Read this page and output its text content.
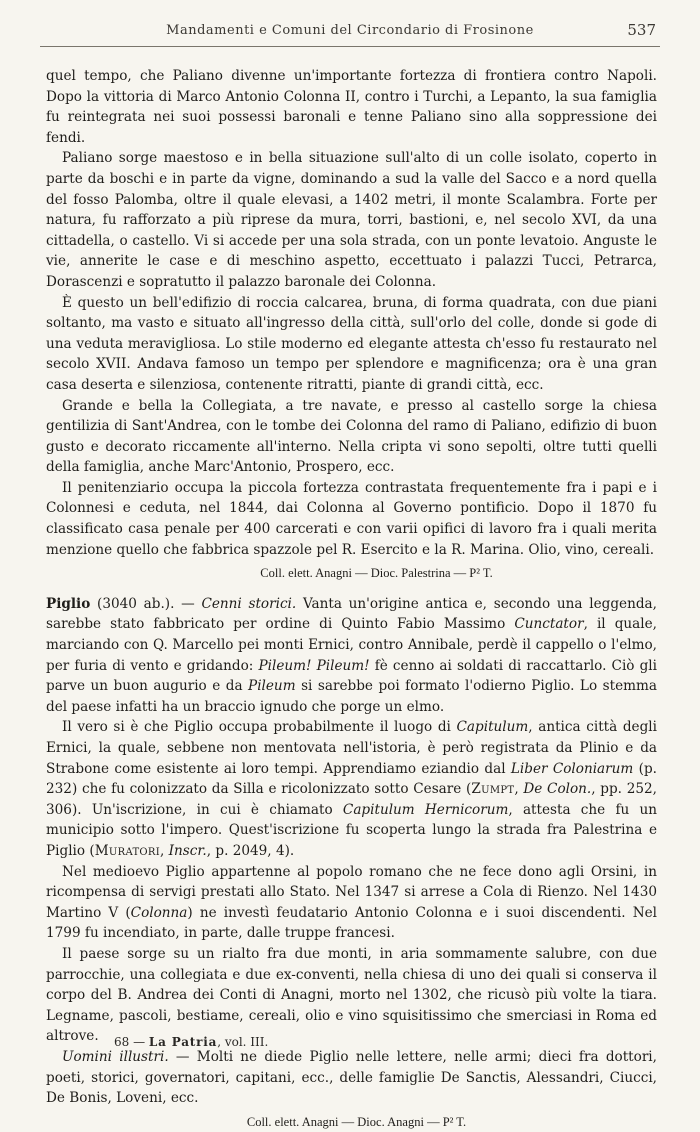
Mandamenti e Comuni del Circondario di Frosinone	537

quel tempo, che Paliano divenne un'importante fortezza di frontiera contro Napoli. Dopo la vittoria di Marco Antonio Colonna II, contro i Turchi, a Lepanto, la sua famiglia fu reintegrata nei suoi possessi baronali e tenne Paliano sino alla soppressione dei fendi.

Paliano sorge maestoso e in bella situazione sull'alto di un colle isolato, coperto in parte da boschi e in parte da vigne, dominando a sud la valle del Sacco e a nord quella del fosso Palomba, oltre il quale elevasi, a 1402 metri, il monte Scalambra. Forte per natura, fu rafforzato a più riprese da mura, torri, bastioni, e, nel secolo XVI, da una cittadella, o castello. Vi si accede per una sola strada, con un ponte levatoio. Anguste le vie, annerite le case e di meschino aspetto, eccettuato i palazzi Tucci, Petrarca, Dorascenzi e sopratutto il palazzo baronale dei Colonna.

È questo un bell'edifizio di roccia calcarea, bruna, di forma quadrata, con due piani soltanto, ma vasto e situato all'ingresso della città, sull'orlo del colle, donde si gode di una veduta meravigliosa. Lo stile moderno ed elegante attesta ch'esso fu restaurato nel secolo XVII. Andava famoso un tempo per splendore e magnificenza; ora è una gran casa deserta e silenziosa, contenente ritratti, piante di grandi città, ecc.

Grande e bella la Collegiata, a tre navate, e presso al castello sorge la chiesa gentilizia di Sant'Andrea, con le tombe dei Colonna del ramo di Paliano, edifizio di buon gusto e decorato riccamente all'interno. Nella cripta vi sono sepolti, oltre tutti quelli della famiglia, anche Marc'Antonio, Prospero, ecc.

Il penitenziario occupa la piccola fortezza contrastata frequentemente fra i papi e i Colonnesi e ceduta, nel 1844, dai Colonna al Governo pontificio. Dopo il 1870 fu classificato casa penale per 400 carcerati e con varii opifici di lavoro fra i quali merita menzione quello che fabbrica spazzole pel R. Esercito e la R. Marina. Olio, vino, cereali.

Coll. elett. Anagni — Dioc. Palestrina — P² T.

Piglio (3040 ab.). — Cenni storici. Vanta un'origine antica e, secondo una leggenda, sarebbe stato fabbricato per ordine di Quinto Fabio Massimo Cunctator, il quale, marciando con Q. Marcello pei monti Ernici, contro Annibale, perdè il cappello o l'elmo, per furia di vento e gridando: Pileum! Pileum! fè cenno ai soldati di raccattarlo. Ciò gli parve un buon augurio e da Pileum si sarebbe poi formato l'odierno Piglio. Lo stemma del paese infatti ha un braccio ignudo che porge un elmo.

Il vero si è che Piglio occupa probabilmente il luogo di Capitulum, antica città degli Ernici, la quale, sebbene non mentovata nell'istoria, è però registrata da Plinio e da Strabone come esistente ai loro tempi. Apprendiamo eziandio dal Liber Coloniarum (p. 232) che fu colonizzato da Silla e ricolonizzato sotto Cesare (Zumpt, De Colon., pp. 252, 306). Un'iscrizione, in cui è chiamato Capitulum Hernicorum, attesta che fu un municipio sotto l'impero. Quest'iscrizione fu scoperta lungo la strada fra Palestrina e Piglio (Muratori, Inscr., p. 2049, 4).

Nel medioevo Piglio appartenne al popolo romano che ne fece dono agli Orsini, in ricompensa di servigi prestati allo Stato. Nel 1347 si arrese a Cola di Rienzo. Nel 1430 Martino V (Colonna) ne investì feudatario Antonio Colonna e i suoi discendenti. Nel 1799 fu incendiato, in parte, dalle truppe francesi.

Il paese sorge su un rialto fra due monti, in aria sommamente salubre, con due parrocchie, una collegiata e due ex-conventi, nella chiesa di uno dei quali si conserva il corpo del B. Andrea dei Conti di Anagni, morto nel 1302, che ricusò più volte la tiara. Legname, pascoli, bestiame, cereali, olio e vino squisitissimo che smerciasi in Roma ed altrove.

Uomini illustri. — Molti ne diede Piglio nelle lettere, nelle armi; dieci fra dottori, poeti, storici, governatori, capitani, ecc., delle famiglie De Sanctis, Alessandri, Ciucci, De Bonis, Loveni, ecc.

Coll. elett. Anagni — Dioc. Anagni — P² T.

68 — La Patria, vol. III.
